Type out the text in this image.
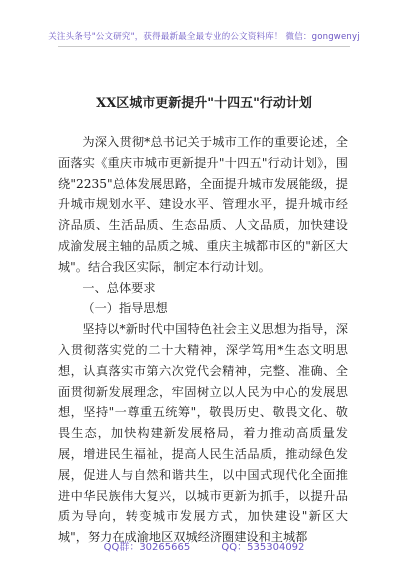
关注头条号"公文研究"，获得最新最全最专业的公文资料库！ 微信：gongwenyj
XX区城市更新提升"十四五"行动计划

为深入贯彻*总书记关于城市工作的重要论述，全面落实《重庆市城市更新提升"十四五"行动计划》，围绕"2235"总体发展思路，全面提升城市发展能级，提升城市规划水平、建设水平、管理水平，提升城市经济品质、生活品质、生态品质、人文品质，加快建设成渝发展主轴的品质之城、重庆主城都市区的"新区大城"。结合我区实际，制定本行动计划。

一、总体要求

（一）指导思想

坚持以*新时代中国特色社会主义思想为指导，深入贯彻落实党的二十大精神，深学笃用*生态文明思想，认真落实市第六次党代会精神，完整、准确、全面贯彻新发展理念，牢固树立以人民为中心的发展思想，坚持"一尊重五统筹"，敬畏历史、敬畏文化、敬畏生态，加快构建新发展格局，着力推动高质量发展，增进民生福祉，提高人民生活品质，推动绿色发展，促进人与自然和谐共生，以中国式现代化全面推进中华民族伟大复兴，以城市更新为抓手，以提升品质为导向，转变城市发展方式，加快建设"新区大城"，努力在成渝地区双城经济圈建设和主城都

QQ群：30265665	QQ：535304092
